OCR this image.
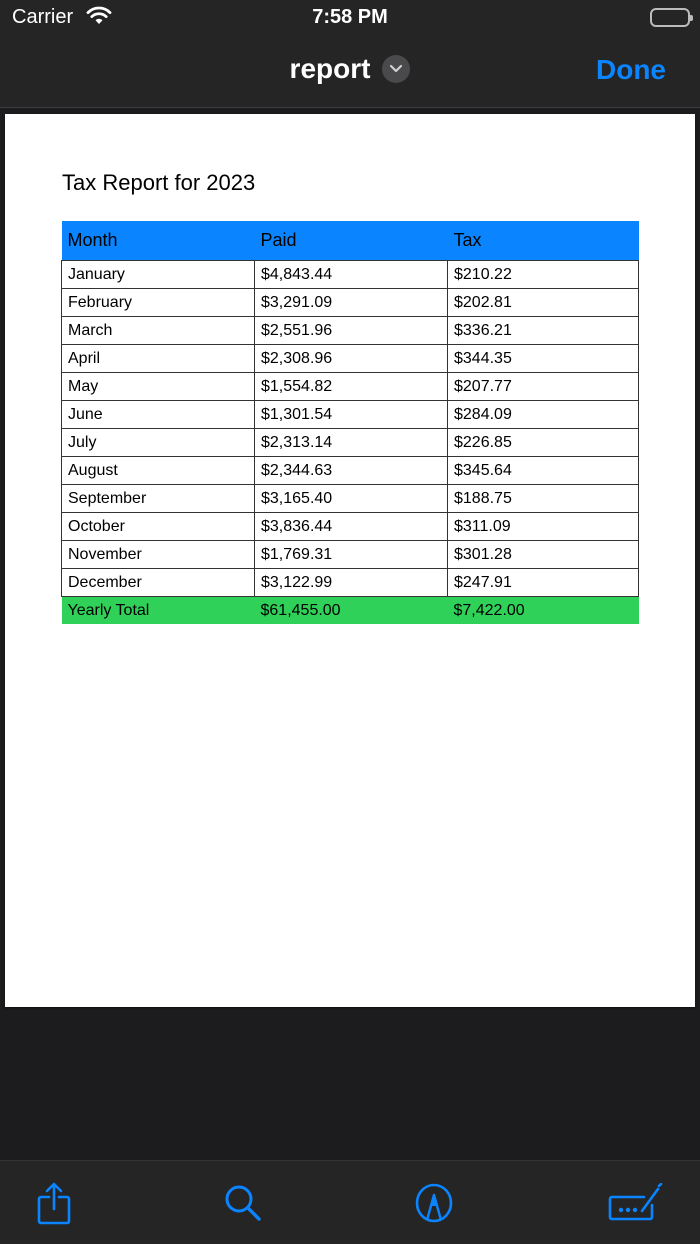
Carrier	7:58 PM
report	Done
Tax Report for 2023
Month	Paid	Tax
January	$4,843.44	$210.22
February	$3,291.09	$202.81
March	$2,551.96	$336.21
April	$2,308.96	$344.35
May	$1,554.82	$207.77
June	$1,301.54	$284.09
July	$2,313.14	$226.85
August	$2,344.63	$345.64
September	$3,165.40	$188.75
October	$3,836.44	$311.09
November	$1,769.31	$301.28
December	$3,122.99	$247.91
Yearly Total	$61,455.00	$7,422.00
